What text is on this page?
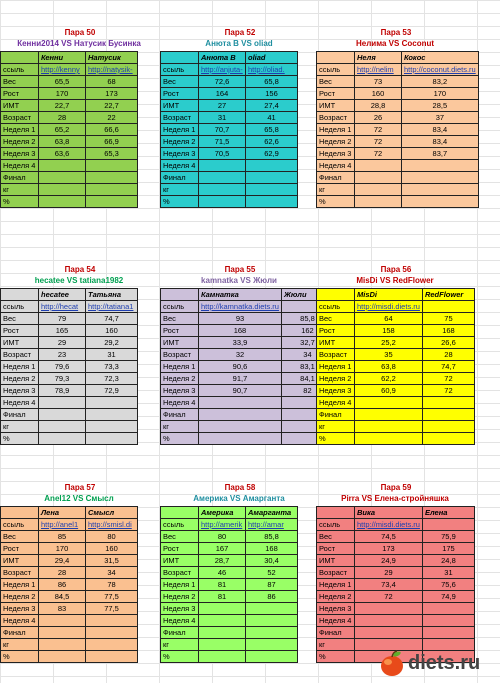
Пара 50
Кенни2014 VS Натусик Бусинка
	Кенни	Натусик
ссыль	http://kenny	http://natysik-
Вес	65,5	68
Рост	170	173
ИМТ	22,7	22,7
Возраст	28	22
Неделя 1	65,2	66,6
Неделя 2	63,8	66,9
Неделя 3	63,6	65,3
Неделя 4		
Финал		
кг		
%		
Пара 52
Анюта В VS oliad
	Анюта В	oliad
ссыль	http://anjuta-	http://oliad.
Вес	72,6	65,8
Рост	164	156
ИМТ	27	27,4
Возраст	31	41
Неделя 1	70,7	65,8
Неделя 2	71,5	62,6
Неделя 3	70,5	62,9
Неделя 4		
Финал		
кг		
%		
Пара 53
Нелима VS Coconut
	Неля	Кокос
ссыль	http://nelim	http://coconut.diets.ru
Вес	73	83,2
Рост	160	170
ИМТ	28,8	28,5
Возраст	26	37
Неделя 1	72	83,4
Неделя 2	72	83,4
Неделя 3	72	83,7
Неделя 4		
Финал		
кг		
%		
Пара 54
hecatee VS tatiana1982
	hecatee	Татьяна
ссыль	http://hecat	http://tatiana1
Вес	79	74,7
Рост	165	160
ИМТ	29	29,2
Возраст	23	31
Неделя 1	79,6	73,3
Неделя 2	79,3	72,3
Неделя 3	78,9	72,9
Неделя 4		
Финал		
кг		
%		
Пара 55
kamnatka VS Жюли
	Камнатка	Жюли
ссыль	http://kamnatka.diets.ru	
Вес	93	85,8
Рост	168	162
ИМТ	33,9	32,7
Возраст	32	34
Неделя 1	90,6	83,1
Неделя 2	91,7	84,1
Неделя 3	90,7	82
Неделя 4		
Финал		
кг		
%		
Пара 56
MisDi VS RedFlower
	MisDi	RedFlower
ссыль	http://misdi.diets.ru	
Вес	64	75
Рост	158	168
ИМТ	25,2	26,6
Возраст	35	28
Неделя 1	63,8	74,7
Неделя 2	62,2	72
Неделя 3	60,9	72
Неделя 4		
Финал		
кг		
%		
Пара 57
Anel12 VS Смысл
	Лена	Смысл
ссыль	http://anel1	http://smisl.di
Вес	85	80
Рост	170	160
ИМТ	29,4	31,5
Возраст	28	34
Неделя 1	86	78
Неделя 2	84,5	77,5
Неделя 3	83	77,5
Неделя 4		
Финал		
кг		
%		
Пара 58
Америка VS Амарганта
	Америка	Амарганта
ссыль	http://amerik	http://amar
Вес	80	85,8
Рост	167	168
ИМТ	28,7	30,4
Возраст	46	52
Неделя 1	81	87
Неделя 2	81	86
Неделя 3		
Неделя 4		
Финал		
кг		
%		
Пара 59
Pirra VS Елена-стройняшка
	Вика	Елена
ссыль	http://misdi.diets.ru	
Вес	74,5	75,9
Рост	173	175
ИМТ	24,9	24,8
Возраст	29	31
Неделя 1	73,4	75,6
Неделя 2	72	74,9
Неделя 3		
Неделя 4		
Финал		
кг		
%			diets.ru
